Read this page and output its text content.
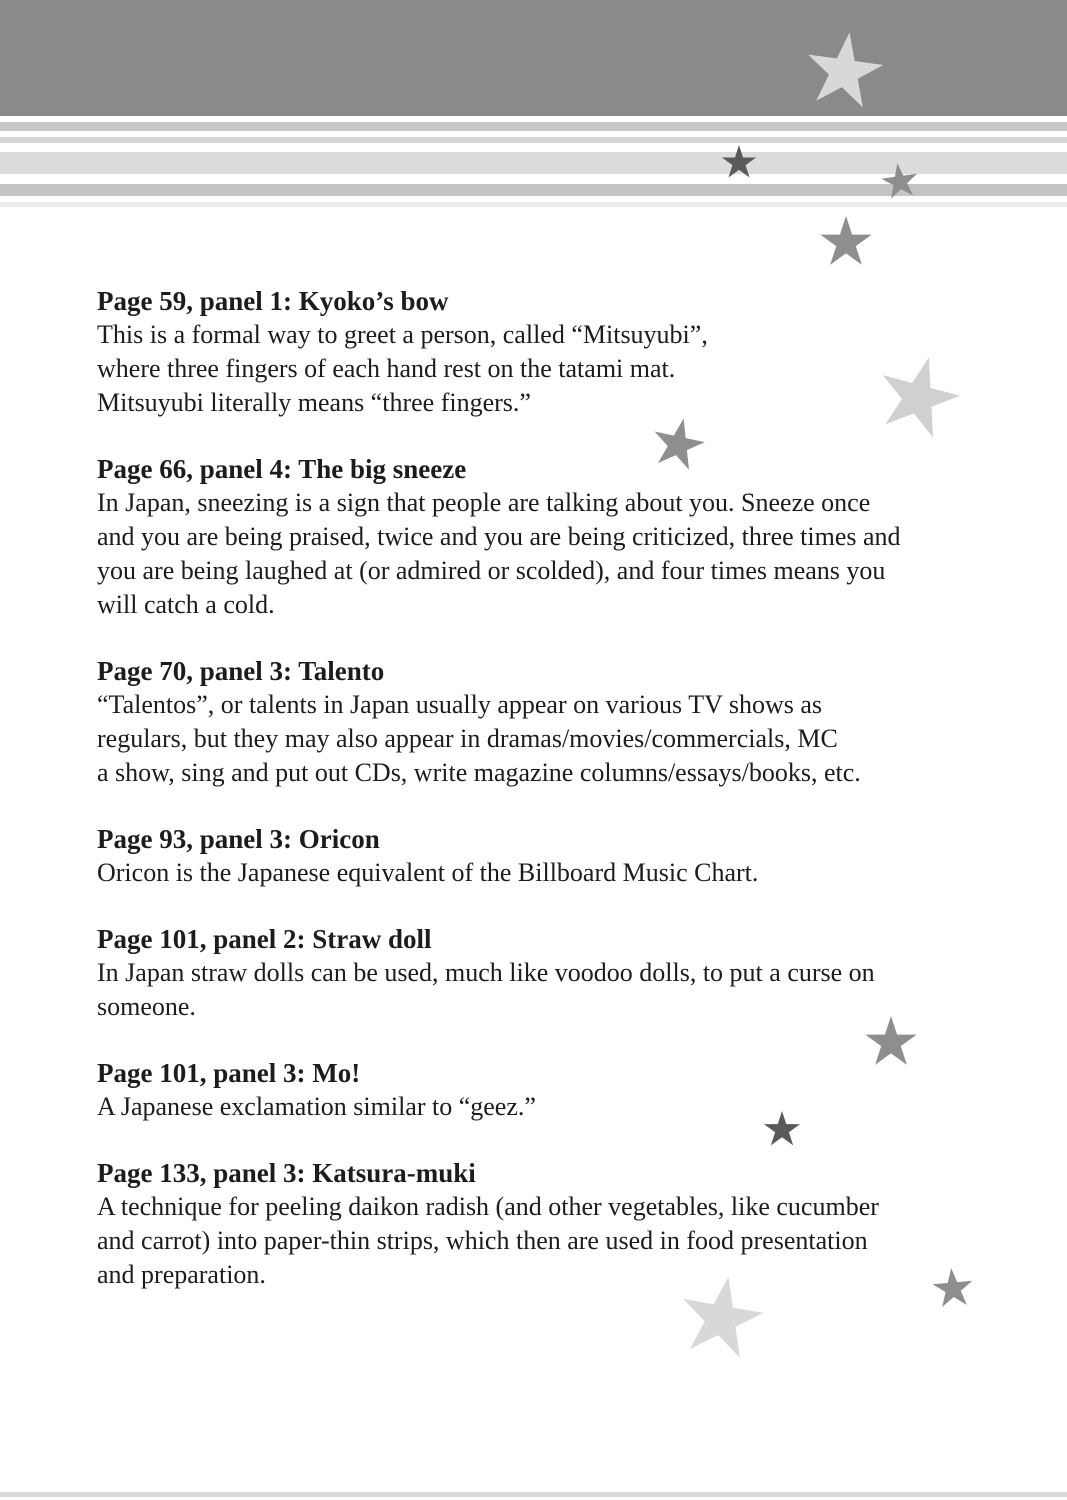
Page 59, panel 1: Kyoko’s bow
This is a formal way to greet a person, called “Mitsuyubi”,
where three fingers of each hand rest on the tatami mat.
Mitsuyubi literally means “three fingers.”
Page 66, panel 4: The big sneeze
In Japan, sneezing is a sign that people are talking about you. Sneeze once
and you are being praised, twice and you are being criticized, three times and
you are being laughed at (or admired or scolded), and four times means you
will catch a cold.
Page 70, panel 3: Talento
“Talentos”, or talents in Japan usually appear on various TV shows as
regulars, but they may also appear in dramas/movies/commercials, MC
a show, sing and put out CDs, write magazine columns/essays/books, etc.
Page 93, panel 3: Oricon
Oricon is the Japanese equivalent of the Billboard Music Chart.
Page 101, panel 2: Straw doll
In Japan straw dolls can be used, much like voodoo dolls, to put a curse on
someone.
Page 101, panel 3: Mo!
A Japanese exclamation similar to “geez.”
Page 133, panel 3: Katsura-muki
A technique for peeling daikon radish (and other vegetables, like cucumber
and carrot) into paper-thin strips, which then are used in food presentation
and preparation.
